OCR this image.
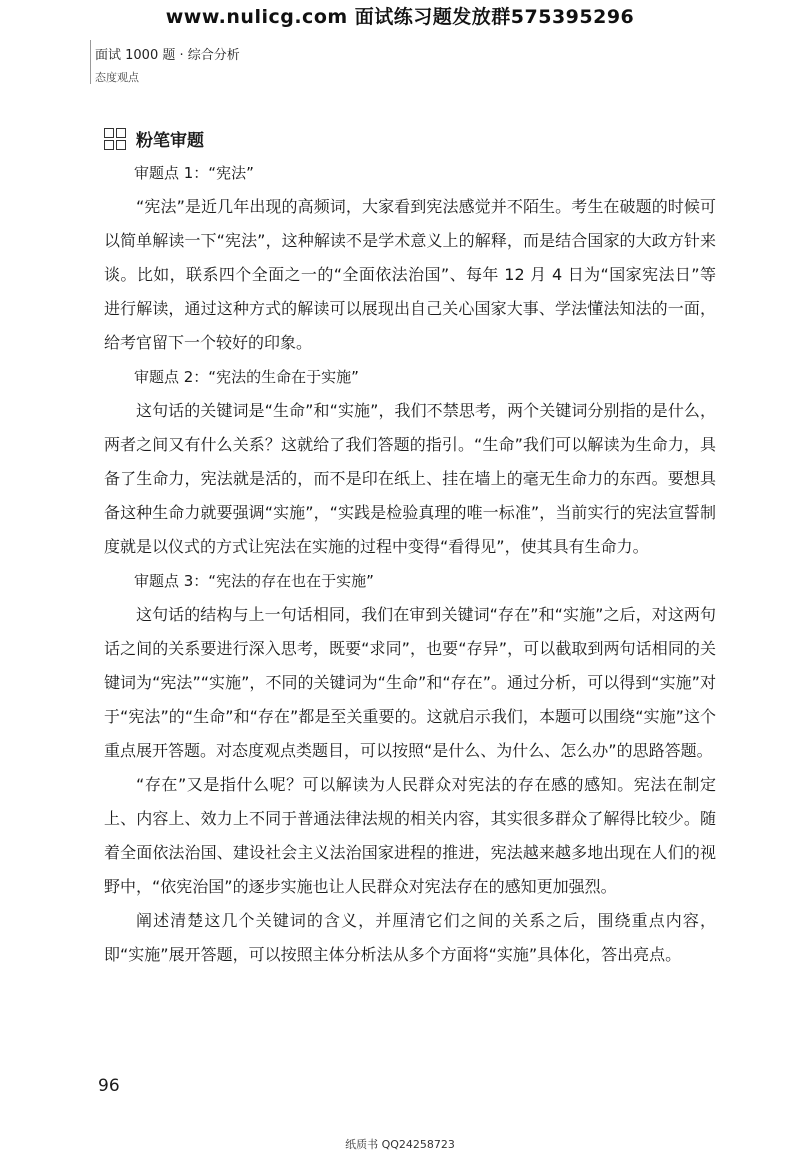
www.nulicg.com 面试练习题发放群575395296
面试 1000 题 · 综合分析
态度观点
粉笔审题
审题点 1：“宪法”

“宪法”是近几年出现的高频词，大家看到宪法感觉并不陌生。考生在破题的时候可以简单解读一下“宪法”，这种解读不是学术意义上的解释，而是结合国家的大政方针来谈。比如，联系四个全面之一的“全面依法治国”、每年 12 月 4 日为“国家宪法日”等进行解读，通过这种方式的解读可以展现出自己关心国家大事、学法懂法知法的一面，给考官留下一个较好的印象。

审题点 2：“宪法的生命在于实施”

这句话的关键词是“生命”和“实施”，我们不禁思考，两个关键词分别指的是什么，两者之间又有什么关系？这就给了我们答题的指引。“生命”我们可以解读为生命力，具备了生命力，宪法就是活的，而不是印在纸上、挂在墙上的毫无生命力的东西。要想具备这种生命力就要强调“实施”，“实践是检验真理的唯一标准”，当前实行的宪法宣誓制度就是以仪式的方式让宪法在实施的过程中变得“看得见”，使其具有生命力。

审题点 3：“宪法的存在也在于实施”

这句话的结构与上一句话相同，我们在审到关键词“存在”和“实施”之后，对这两句话之间的关系要进行深入思考，既要“求同”，也要“存异”，可以截取到两句话相同的关键词为“宪法”“实施”，不同的关键词为“生命”和“存在”。通过分析，可以得到“实施”对于“宪法”的“生命”和“存在”都是至关重要的。这就启示我们，本题可以围绕“实施”这个重点展开答题。对态度观点类题目，可以按照“是什么、为什么、怎么办”的思路答题。

“存在”又是指什么呢？可以解读为人民群众对宪法的存在感的感知。宪法在制定上、内容上、效力上不同于普通法律法规的相关内容，其实很多群众了解得比较少。随着全面依法治国、建设社会主义法治国家进程的推进，宪法越来越多地出现在人们的视野中，“依宪治国”的逐步实施也让人民群众对宪法存在的感知更加强烈。

阐述清楚这几个关键词的含义，并厘清它们之间的关系之后，围绕重点内容，即“实施”展开答题，可以按照主体分析法从多个方面将“实施”具体化，答出亮点。

96
纸质书 QQ24258723
